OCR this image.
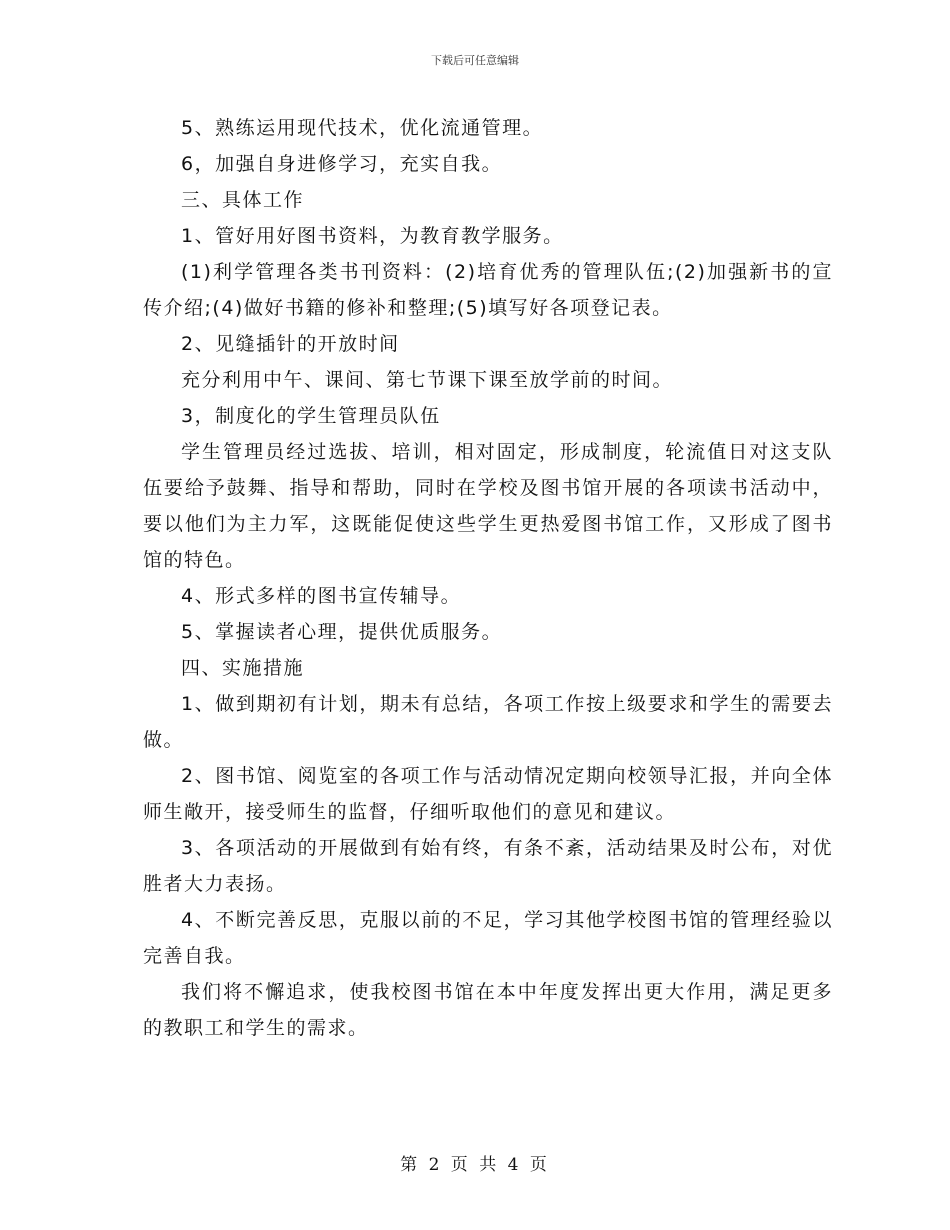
下载后可任意编辑

5、熟练运用现代技术，优化流通管理。

6，加强自身进修学习，充实自我。

三、具体工作

1、管好用好图书资料，为教育教学服务。

(1)利学管理各类书刊资料：(2)培育优秀的管理队伍;(2)加强新书的宣传介绍;(4)做好书籍的修补和整理;(5)填写好各项登记表。

2、见缝插针的开放时间

充分利用中午、课间、第七节课下课至放学前的时间。

3，制度化的学生管理员队伍

学生管理员经过选拔、培训，相对固定，形成制度，轮流值日对这支队伍要给予鼓舞、指导和帮助，同时在学校及图书馆开展的各项读书活动中，要以他们为主力军，这既能促使这些学生更热爱图书馆工作，又形成了图书馆的特色。

4、形式多样的图书宣传辅导。

5、掌握读者心理，提供优质服务。

四、实施措施

1、做到期初有计划，期未有总结，各项工作按上级要求和学生的需要去做。

2、图书馆、阅览室的各项工作与活动情况定期向校领导汇报，并向全体师生敞开，接受师生的监督，仔细听取他们的意见和建议。

3、各项活动的开展做到有始有终，有条不紊，活动结果及时公布，对优胜者大力表扬。

4、不断完善反思，克服以前的不足，学习其他学校图书馆的管理经验以完善自我。

我们将不懈追求，使我校图书馆在本中年度发挥出更大作用，满足更多的教职工和学生的需求。

第 2 页 共 4 页
